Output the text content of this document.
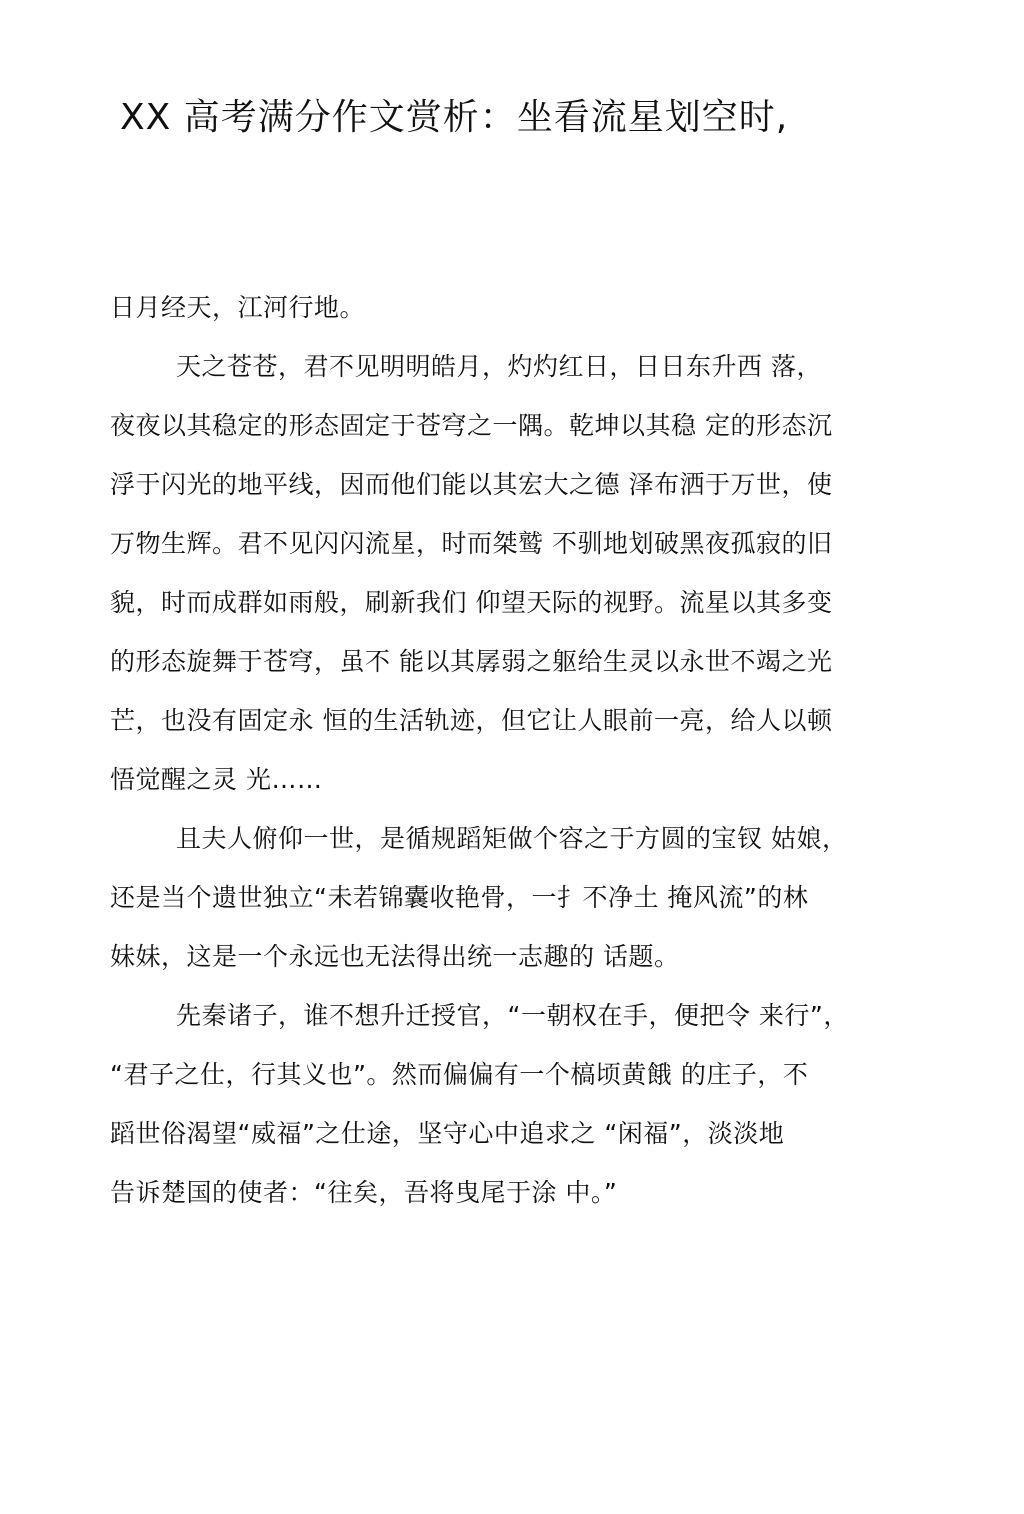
XX 高考满分作文赏析：坐看流星划空时,
日月经天，江河行地。
天之苍苍，君不见明明皓月，灼灼红日，日日东升西 落，
夜夜以其稳定的形态固定于苍穹之一隅。乾坤以其稳 定的形态沉
浮于闪光的地平线，因而他们能以其宏大之德 泽布洒于万世，使
万物生辉。君不见闪闪流星，时而桀鹫 不驯地划破黑夜孤寂的旧
貌，时而成群如雨般，刷新我们 仰望天际的视野。流星以其多变
的形态旋舞于苍穹，虽不 能以其孱弱之躯给生灵以永世不竭之光
芒，也没有固定永 恒的生活轨迹，但它让人眼前一亮，给人以顿
悟觉醒之灵 光……
且夫人俯仰一世，是循规蹈矩做个容之于方圆的宝钗 姑娘，
还是当个遗世独立“未若锦囊收艳骨，一扌不净土 掩风流”的林
妹妹，这是一个永远也无法得出统一志趣的 话题。
先秦诸子，谁不想升迁授官，“一朝权在手，便把令 来行”，
“君子之仕，行其义也”。然而偏偏有一个槁顷黄餓 的庄子，不
蹈世俗渴望“威福”之仕途，坚守心中追求之 “闲福”，淡淡地
告诉楚国的使者：“往矣，吾将曳尾于涂 中。”
